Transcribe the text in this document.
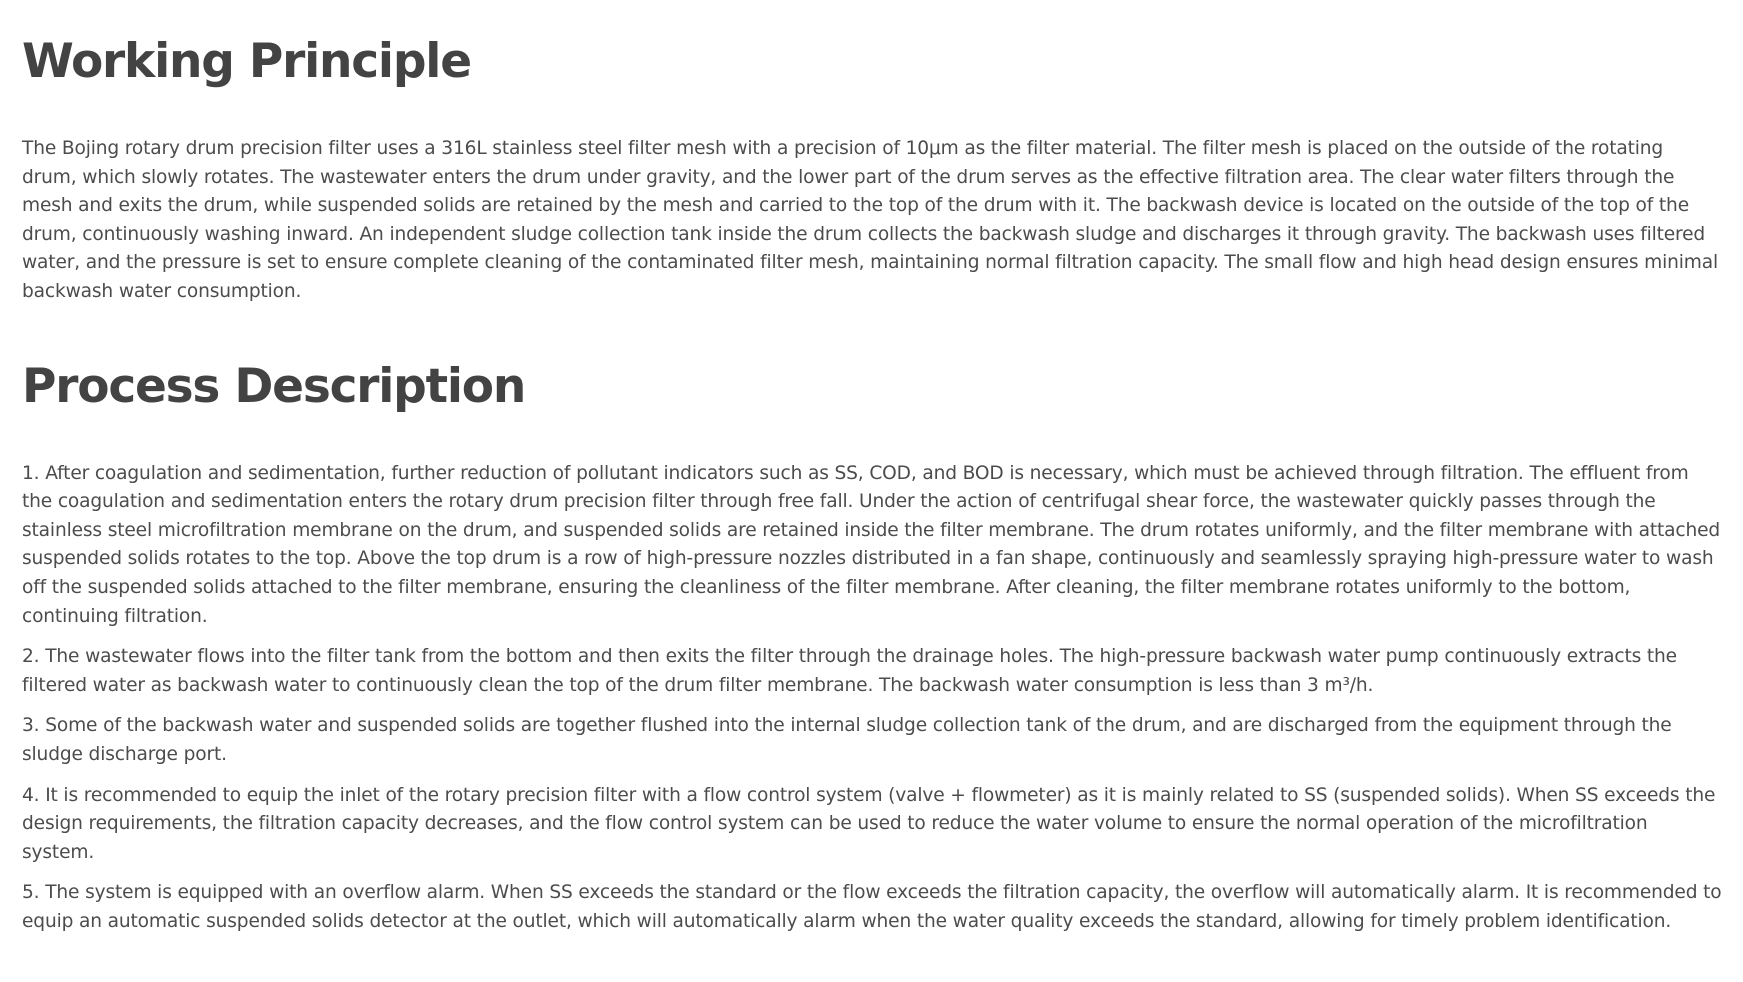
Working Principle

The Bojing rotary drum precision filter uses a 316L stainless steel filter mesh with a precision of 10μm as the filter material. The filter mesh is placed on the outside of the rotating drum, which slowly rotates. The wastewater enters the drum under gravity, and the lower part of the drum serves as the effective filtration area. The clear water filters through the mesh and exits the drum, while suspended solids are retained by the mesh and carried to the top of the drum with it. The backwash device is located on the outside of the top of the drum, continuously washing inward. An independent sludge collection tank inside the drum collects the backwash sludge and discharges it through gravity. The backwash uses filtered water, and the pressure is set to ensure complete cleaning of the contaminated filter mesh, maintaining normal filtration capacity. The small flow and high head design ensures minimal backwash water consumption.

Process Description

1. After coagulation and sedimentation, further reduction of pollutant indicators such as SS, COD, and BOD is necessary, which must be achieved through filtration. The effluent from the coagulation and sedimentation enters the rotary drum precision filter through free fall. Under the action of centrifugal shear force, the wastewater quickly passes through the stainless steel microfiltration membrane on the drum, and suspended solids are retained inside the filter membrane. The drum rotates uniformly, and the filter membrane with attached suspended solids rotates to the top. Above the top drum is a row of high-pressure nozzles distributed in a fan shape, continuously and seamlessly spraying high-pressure water to wash off the suspended solids attached to the filter membrane, ensuring the cleanliness of the filter membrane. After cleaning, the filter membrane rotates uniformly to the bottom, continuing filtration.

2. The wastewater flows into the filter tank from the bottom and then exits the filter through the drainage holes. The high-pressure backwash water pump continuously extracts the filtered water as backwash water to continuously clean the top of the drum filter membrane. The backwash water consumption is less than 3 m³/h.

3. Some of the backwash water and suspended solids are together flushed into the internal sludge collection tank of the drum, and are discharged from the equipment through the sludge discharge port.

4. It is recommended to equip the inlet of the rotary precision filter with a flow control system (valve + flowmeter) as it is mainly related to SS (suspended solids). When SS exceeds the design requirements, the filtration capacity decreases, and the flow control system can be used to reduce the water volume to ensure the normal operation of the microfiltration system.

5. The system is equipped with an overflow alarm. When SS exceeds the standard or the flow exceeds the filtration capacity, the overflow will automatically alarm. It is recommended to equip an automatic suspended solids detector at the outlet, which will automatically alarm when the water quality exceeds the standard, allowing for timely problem identification.
